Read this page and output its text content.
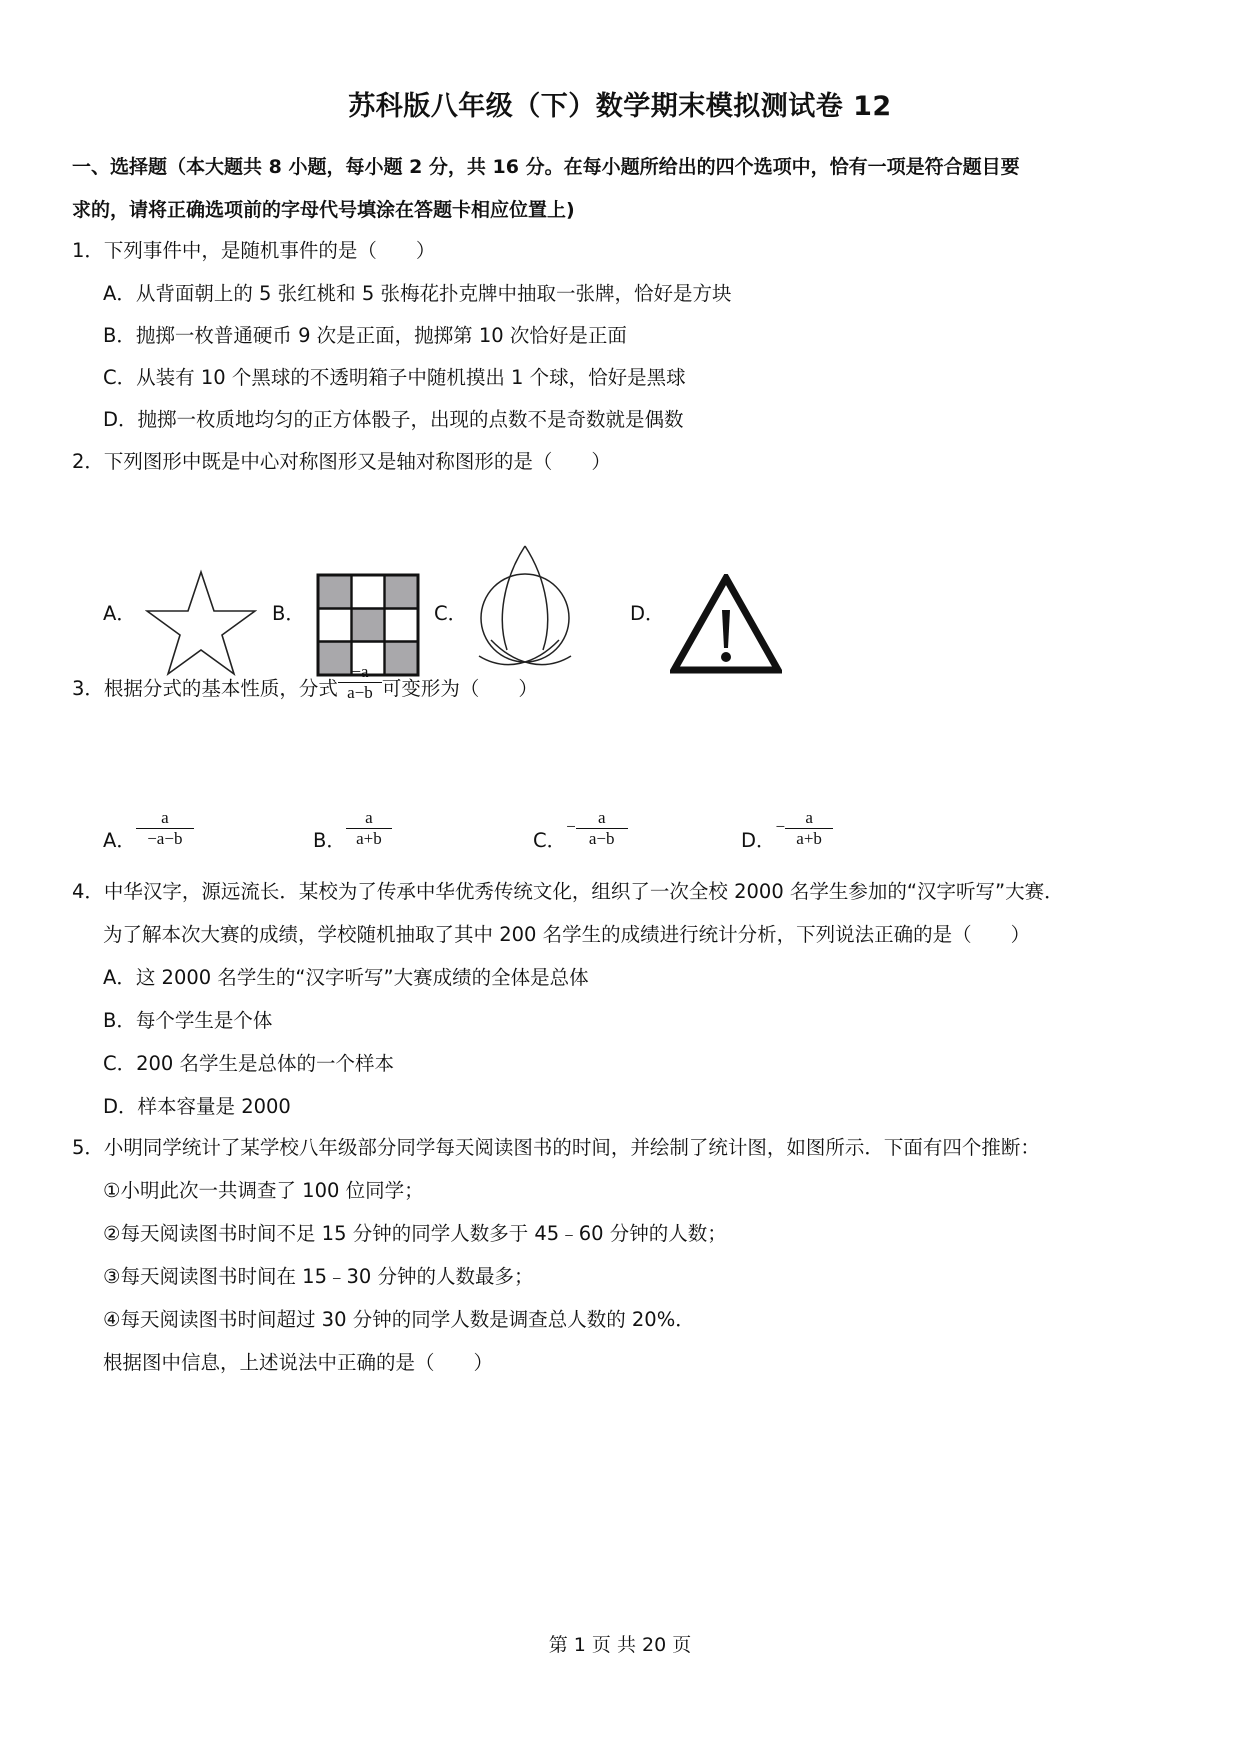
苏科版八年级（下）数学期末模拟测试卷 12
一、选择题（本大题共 8 小题，每小题 2 分，共 16 分。在每小题所给出的四个选项中，恰有一项是符合题目要
求的，请将正确选项前的字母代号填涂在答题卡相应位置上)
1．下列事件中，是随机事件的是（　　）
A．从背面朝上的 5 张红桃和 5 张梅花扑克牌中抽取一张牌，恰好是方块
B．抛掷一枚普通硬币 9 次是正面，抛掷第 10 次恰好是正面
C．从装有 10 个黑球的不透明箱子中随机摸出 1 个球，恰好是黑球
D．抛掷一枚质地均匀的正方体骰子，出现的点数不是奇数就是偶数
2．下列图形中既是中心对称图形又是轴对称图形的是（　　）
A．	B．	C．	D．
3．根据分式的基本性质，分式 $\frac{-a}{a-b}$ 可变形为（　　）
A． $\frac{a}{-a-b}$	B． $\frac{a}{a+b}$	C．
− $\frac{a}{a-b}$	D．
− $\frac{a}{a+b}$
4．中华汉字，源远流长．某校为了传承中华优秀传统文化，组织了一次全校 2000 名学生参加的“汉字听写”大赛．
为了解本次大赛的成绩，学校随机抽取了其中 200 名学生的成绩进行统计分析，下列说法正确的是（　　）
A．这 2000 名学生的“汉字听写”大赛成绩的全体是总体
B．每个学生是个体
C．200 名学生是总体的一个样本
D．样本容量是 2000
5．小明同学统计了某学校八年级部分同学每天阅读图书的时间，并绘制了统计图，如图所示．下面有四个推断：
①小明此次一共调查了 100 位同学；
②每天阅读图书时间不足 15 分钟的同学人数多于 45﹣60 分钟的人数；
③每天阅读图书时间在 15﹣30 分钟的人数最多；
④每天阅读图书时间超过 30 分钟的同学人数是调查总人数的 20%．
根据图中信息，上述说法中正确的是（　　）
第 1 页 共 20 页
